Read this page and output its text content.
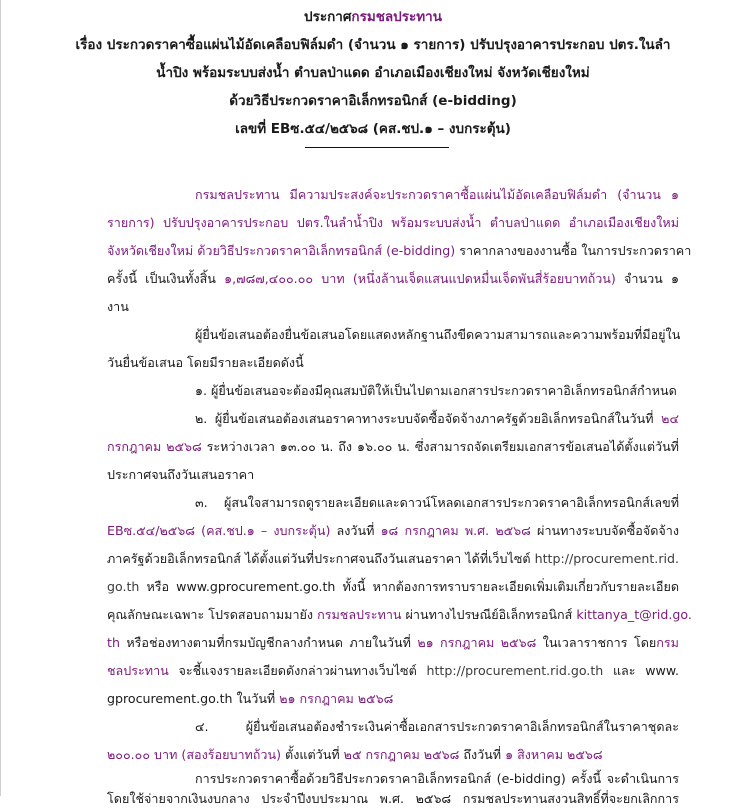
ประกาศกรมชลประทาน
เรื่อง ประกวดราคาซื้อแผ่นไม้อัดเคลือบฟิล์มดำ (จำนวน ๑ รายการ) ปรับปรุงอาคารประกอบ ปตร.ในลำ
น้ำปิง พร้อมระบบส่งน้ำ ตำบลป่าแดด อำเภอเมืองเชียงใหม่ จังหวัดเชียงใหม่
ด้วยวิธีประกวดราคาอิเล็กทรอนิกส์ (e-bidding)
เลขที่ EBซ.๕๔/๒๕๖๘ (คส.ชป.๑ – งบกระตุ้น)
กรมชลประทาน มีความประสงค์จะประกวดราคาซื้อแผ่นไม้อัดเคลือบฟิล์มดำ (จำนวน ๑
รายการ) ปรับปรุงอาคารประกอบ ปตร.ในลำน้ำปิง พร้อมระบบส่งน้ำ ตำบลป่าแดด อำเภอเมืองเชียงใหม่
จังหวัดเชียงใหม่ ด้วยวิธีประกวดราคาอิเล็กทรอนิกส์ (e-bidding) ราคากลางของงานซื้อ ในการประกวดราคา
ครั้งนี้ เป็นเงินทั้งสิ้น ๑,๗๘๗,๔๐๐.๐๐ บาท (หนึ่งล้านเจ็ดแสนแปดหมื่นเจ็ดพันสี่ร้อยบาทถ้วน) จำนวน ๑
งาน
ผู้ยื่นข้อเสนอต้องยื่นข้อเสนอโดยแสดงหลักฐานถึงขีดความสามารถและความพร้อมที่มีอยู่ใน
วันยื่นข้อเสนอ โดยมีรายละเอียดดังนี้
๑. ผู้ยื่นข้อเสนอจะต้องมีคุณสมบัติให้เป็นไปตามเอกสารประกวดราคาอิเล็กทรอนิกส์กำหนด
๒. ผู้ยื่นข้อเสนอต้องเสนอราคาทางระบบจัดซื้อจัดจ้างภาครัฐด้วยอิเล็กทรอนิกส์ในวันที่ ๒๔
กรกฎาคม ๒๕๖๘ ระหว่างเวลา ๑๓.๐๐ น. ถึง ๑๖.๐๐ น. ซึ่งสามารถจัดเตรียมเอกสารข้อเสนอได้ตั้งแต่วันที่
ประกาศจนถึงวันเสนอราคา
๓. ผู้สนใจสามารถดูรายละเอียดและดาวน์โหลดเอกสารประกวดราคาอิเล็กทรอนิกส์เลขที่
EBซ.๕๔/๒๕๖๘ (คส.ชป.๑ – งบกระตุ้น) ลงวันที่ ๑๘ กรกฎาคม พ.ศ. ๒๕๖๘ ผ่านทางระบบจัดซื้อจัดจ้าง
ภาครัฐด้วยอิเล็กทรอนิกส์ ได้ตั้งแต่วันที่ประกาศจนถึงวันเสนอราคา ได้ที่เว็บไซต์ http://procurement.rid.
go.th หรือ www.gprocurement.go.th ทั้งนี้ หากต้องการทราบรายละเอียดเพิ่มเติมเกี่ยวกับรายละเอียด
คุณลักษณะเฉพาะ โปรดสอบถามมายัง กรมชลประทาน ผ่านทางไปรษณีย์อิเล็กทรอนิกส์ kittanya_t@rid.go.
th หรือช่องทางตามที่กรมบัญชีกลางกำหนด ภายในวันที่ ๒๑ กรกฎาคม ๒๕๖๘ ในเวลาราชการ โดยกรม
ชลประทาน จะชี้แจงรายละเอียดดังกล่าวผ่านทางเว็บไซต์ http://procurement.rid.go.th และ www.
gprocurement.go.th ในวันที่ ๒๑ กรกฎาคม ๒๕๖๘
๔. ผู้ยื่นข้อเสนอต้องชำระเงินค่าซื้อเอกสารประกวดราคาอิเล็กทรอนิกส์ในราคาชุดละ
๒๐๐.๐๐ บาท (สองร้อยบาทถ้วน) ตั้งแต่วันที่ ๒๕ กรกฎาคม ๒๕๖๘ ถึงวันที่ ๑ สิงหาคม ๒๕๖๘
การประกวดราคาซื้อด้วยวิธีประกวดราคาอิเล็กทรอนิกส์ (e-bidding) ครั้งนี้ จะดำเนินการ
โดยใช้จ่ายจากเงินงบกลาง ประจำปีงบประมาณ พ.ศ. ๒๕๖๘ กรมชลประทานสงวนสิทธิ์ที่จะยกเลิกการ
